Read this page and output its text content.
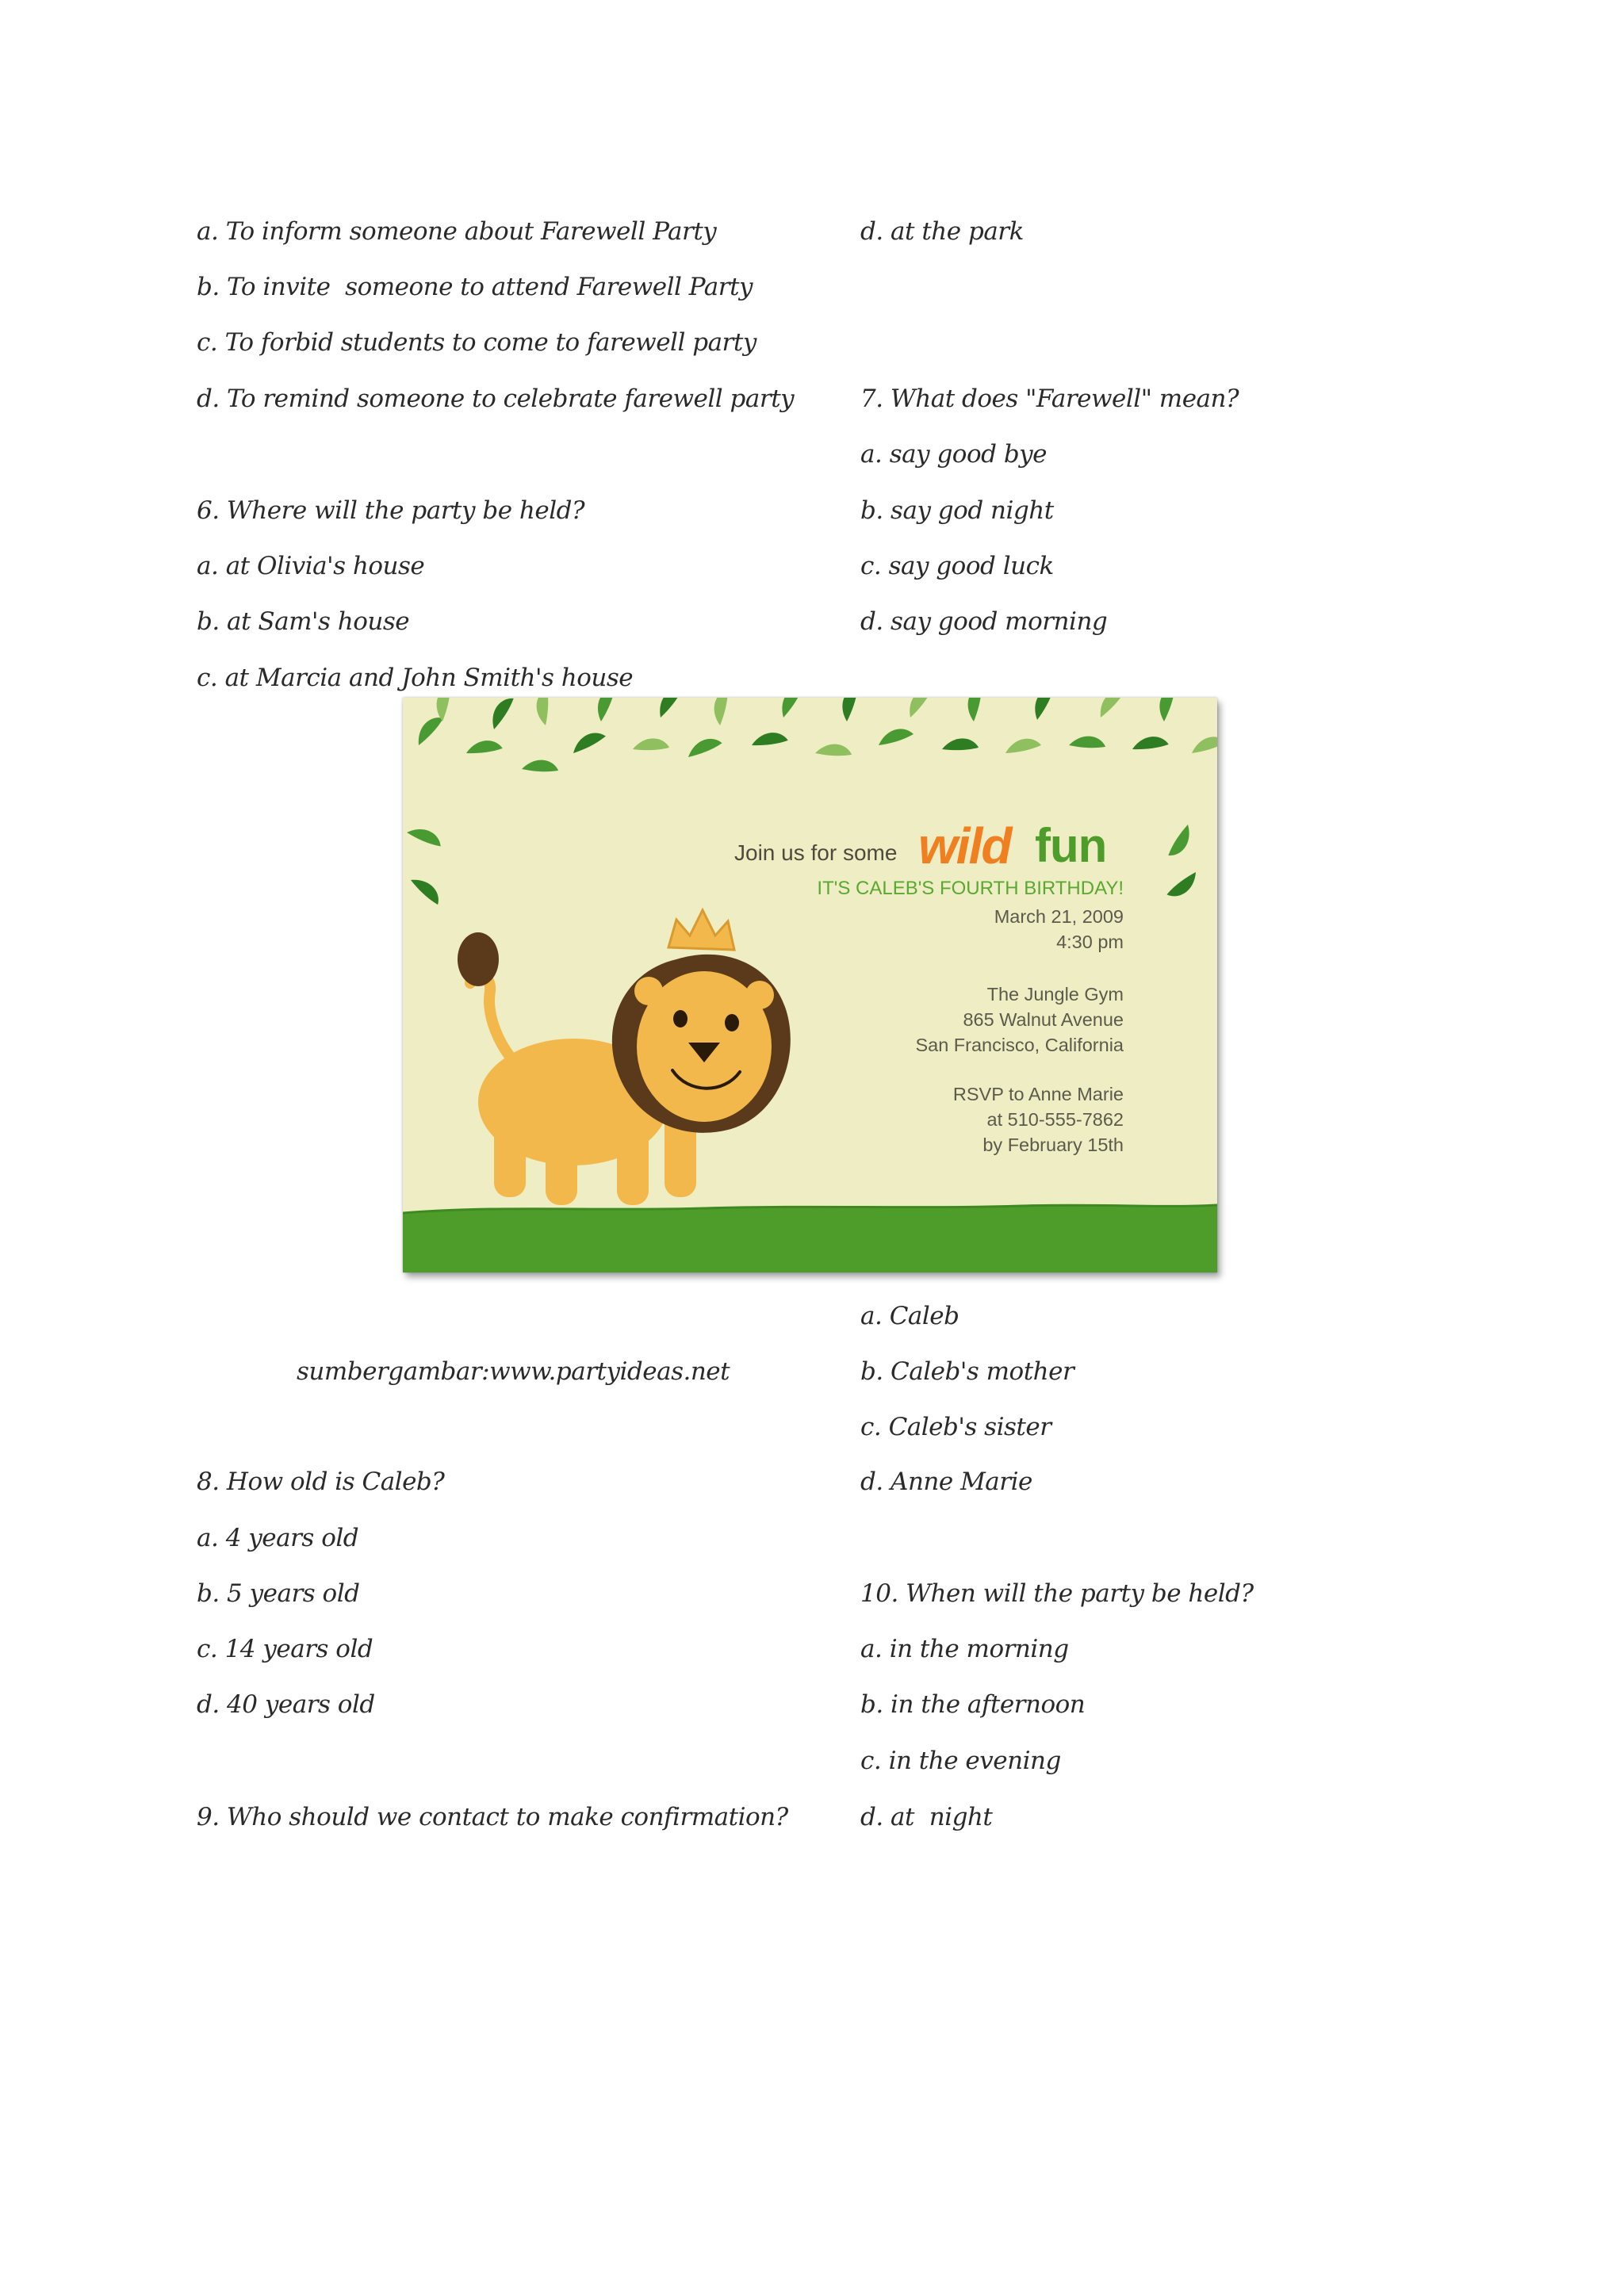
a. To inform someone about Farewell Party
b. To invite  someone to attend Farewell Party
c. To forbid students to come to farewell party
d. To remind someone to celebrate farewell party
6. Where will the party be held?
a. at Olivia's house
b. at Sam's house
c. at Marcia and John Smith's house
d. at the park
7. What does "Farewell" mean?
a. say good bye
b. say god night
c. say good luck
d. say good morning
Join us for some wild fun
IT'S CALEB'S FOURTH BIRTHDAY!
March 21, 2009
4:30 pm
The Jungle Gym
865 Walnut Avenue
San Francisco, California
RSVP to Anne Marie
at 510-555-7862
by February 15th
sumbergambar:www.partyideas.net
8. How old is Caleb?
a. 4 years old
b. 5 years old
c. 14 years old
d. 40 years old
9. Who should we contact to make confirmation?
a. Caleb
b. Caleb's mother
c. Caleb's sister
d. Anne Marie
10. When will the party be held?
a. in the morning
b. in the afternoon
c. in the evening
d. at  night
